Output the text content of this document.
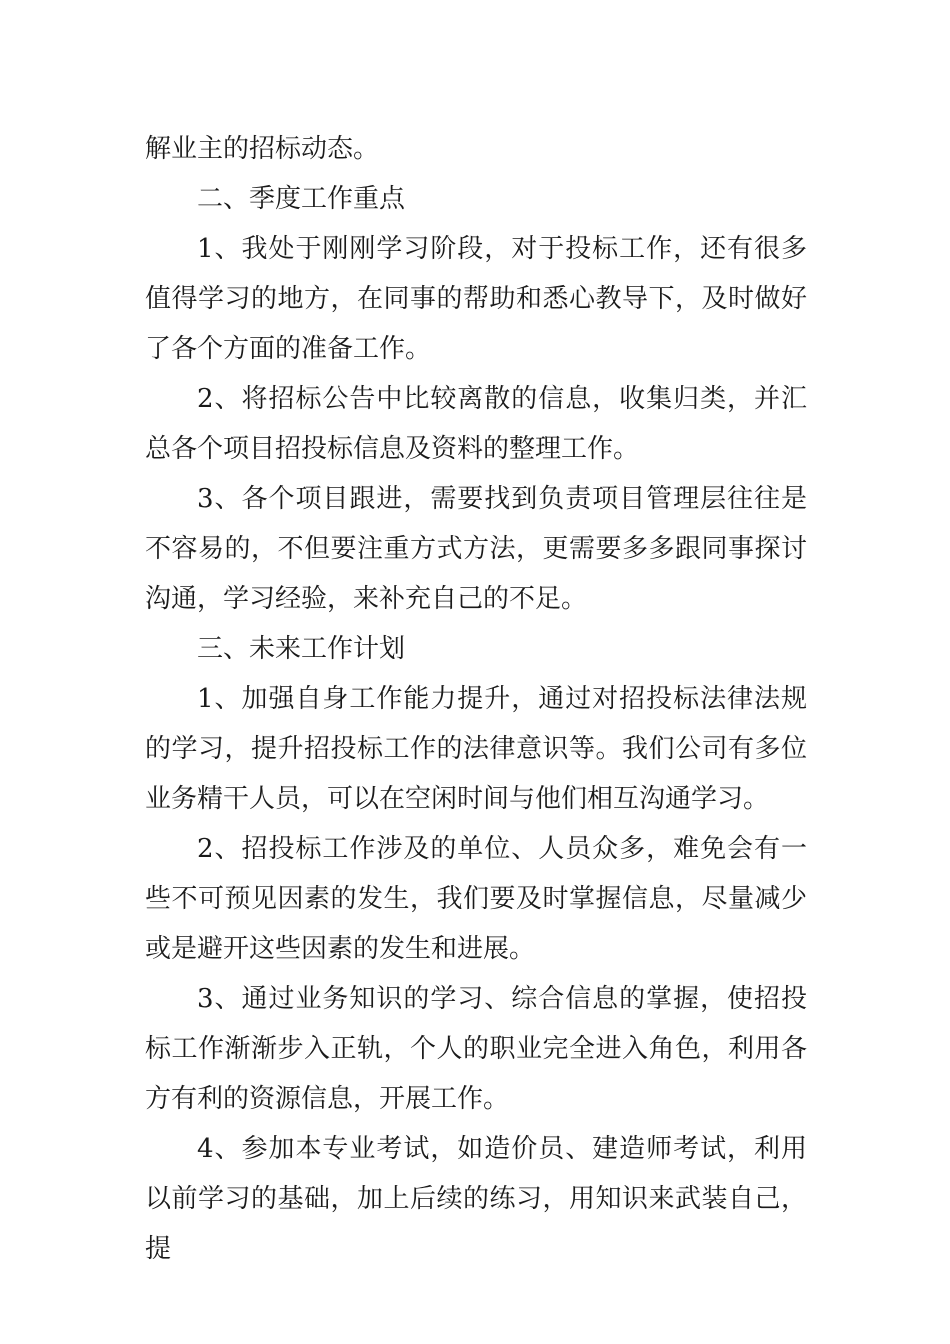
解业主的招标动态。

二、季度工作重点

1、我处于刚刚学习阶段，对于投标工作，还有很多值得学习的地方，在同事的帮助和悉心教导下，及时做好了各个方面的准备工作。

2、将招标公告中比较离散的信息，收集归类，并汇总各个项目招投标信息及资料的整理工作。

3、各个项目跟进，需要找到负责项目管理层往往是不容易的，不但要注重方式方法，更需要多多跟同事探讨沟通，学习经验，来补充自己的不足。

三、未来工作计划

1、加强自身工作能力提升，通过对招投标法律法规的学习，提升招投标工作的法律意识等。我们公司有多位业务精干人员，可以在空闲时间与他们相互沟通学习。

2、招投标工作涉及的单位、人员众多，难免会有一些不可预见因素的发生，我们要及时掌握信息，尽量减少或是避开这些因素的发生和进展。

3、通过业务知识的学习、综合信息的掌握，使招投标工作渐渐步入正轨，个人的职业完全进入角色，利用各方有利的资源信息，开展工作。

4、参加本专业考试，如造价员、建造师考试，利用以前学习的基础，加上后续的练习，用知识来武装自己，提
